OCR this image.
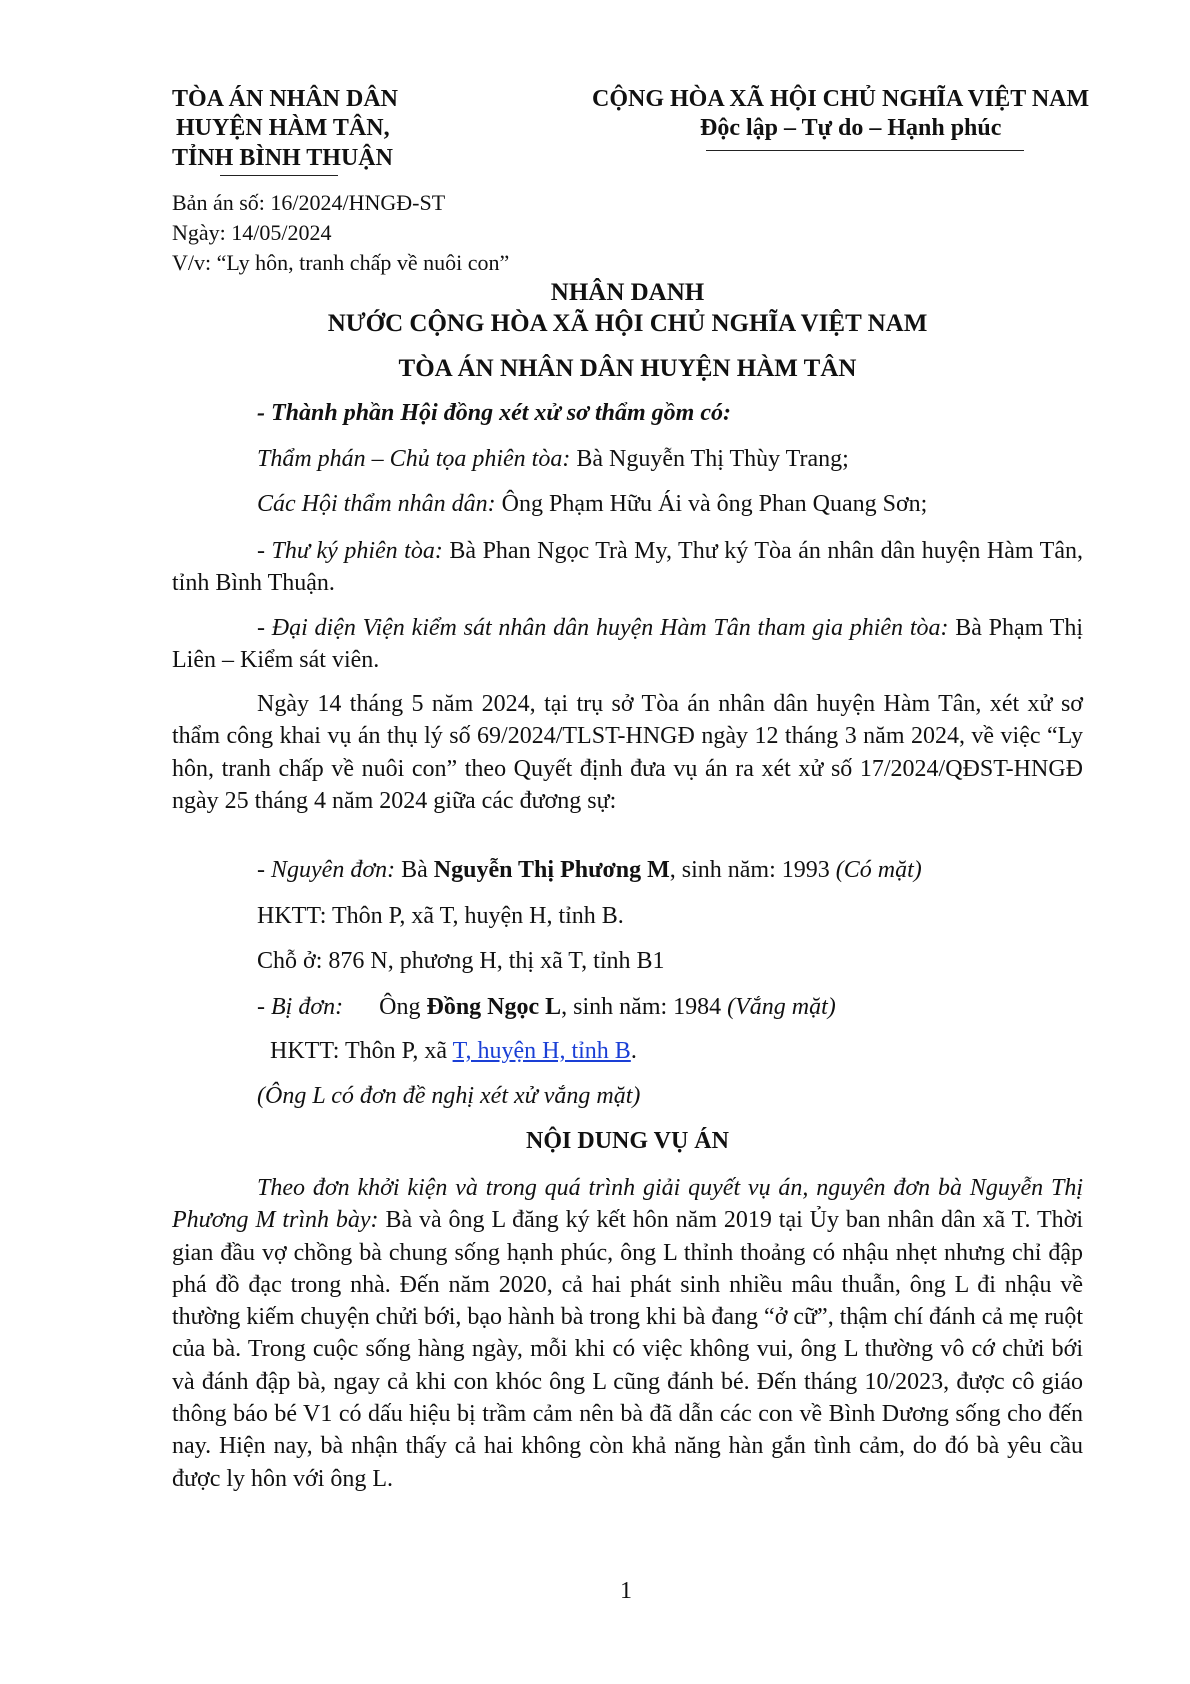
TÒA ÁN NHÂN DÂN
HUYỆN HÀM TÂN,
TỈNH BÌNH THUẬN
CỘNG HÒA XÃ HỘI CHỦ NGHĨA VIỆT NAM
Độc lập – Tự do – Hạnh phúc
Bản án số: 16/2024/HNGĐ-ST
Ngày: 14/05/2024
V/v: “Ly hôn, tranh chấp về nuôi con”
NHÂN DANH
NƯỚC CỘNG HÒA XÃ HỘI CHỦ NGHĨA VIỆT NAM
TÒA ÁN NHÂN DÂN HUYỆN HÀM TÂN
- Thành phần Hội đồng xét xử sơ thẩm gồm có:
Thẩm phán – Chủ tọa phiên tòa: Bà Nguyễn Thị Thùy Trang;
Các Hội thẩm nhân dân: Ông Phạm Hữu Ái và ông Phan Quang Sơn;
- Thư ký phiên tòa: Bà Phan Ngọc Trà My, Thư ký Tòa án nhân dân huyện Hàm Tân, tỉnh Bình Thuận.
- Đại diện Viện kiểm sát nhân dân huyện Hàm Tân tham gia phiên tòa: Bà Phạm Thị Liên – Kiểm sát viên.
Ngày 14 tháng 5 năm 2024, tại trụ sở Tòa án nhân dân huyện Hàm Tân, xét xử sơ thẩm công khai vụ án thụ lý số 69/2024/TLST-HNGĐ ngày 12 tháng 3 năm 2024, về việc “Ly hôn, tranh chấp về nuôi con” theo Quyết định đưa vụ án ra xét xử số 17/2024/QĐST-HNGĐ ngày 25 tháng 4 năm 2024 giữa các đương sự:
- Nguyên đơn: Bà Nguyễn Thị Phương M, sinh năm: 1993 (Có mặt)
HKTT: Thôn P, xã T, huyện H, tỉnh B.
Chỗ ở: 876 N, phương H, thị xã T, tỉnh B1
- Bị đơn: Ông Đồng Ngọc L, sinh năm: 1984 (Vắng mặt)
HKTT: Thôn P, xã T, huyện H, tỉnh B.
(Ông L có đơn đề nghị xét xử vắng mặt)
NỘI DUNG VỤ ÁN
Theo đơn khởi kiện và trong quá trình giải quyết vụ án, nguyên đơn bà Nguyễn Thị Phương M trình bày: Bà và ông L đăng ký kết hôn năm 2019 tại Ủy ban nhân dân xã T. Thời gian đầu vợ chồng bà chung sống hạnh phúc, ông L thỉnh thoảng có nhậu nhẹt nhưng chỉ đập phá đồ đạc trong nhà. Đến năm 2020, cả hai phát sinh nhiều mâu thuẫn, ông L đi nhậu về thường kiếm chuyện chửi bới, bạo hành bà trong khi bà đang “ở cữ”, thậm chí đánh cả mẹ ruột của bà. Trong cuộc sống hàng ngày, mỗi khi có việc không vui, ông L thường vô cớ chửi bới và đánh đập bà, ngay cả khi con khóc ông L cũng đánh bé. Đến tháng 10/2023, được cô giáo thông báo bé V1 có dấu hiệu bị trầm cảm nên bà đã dẫn các con về Bình Dương sống cho đến nay. Hiện nay, bà nhận thấy cả hai không còn khả năng hàn gắn tình cảm, do đó bà yêu cầu được ly hôn với ông L.
1
